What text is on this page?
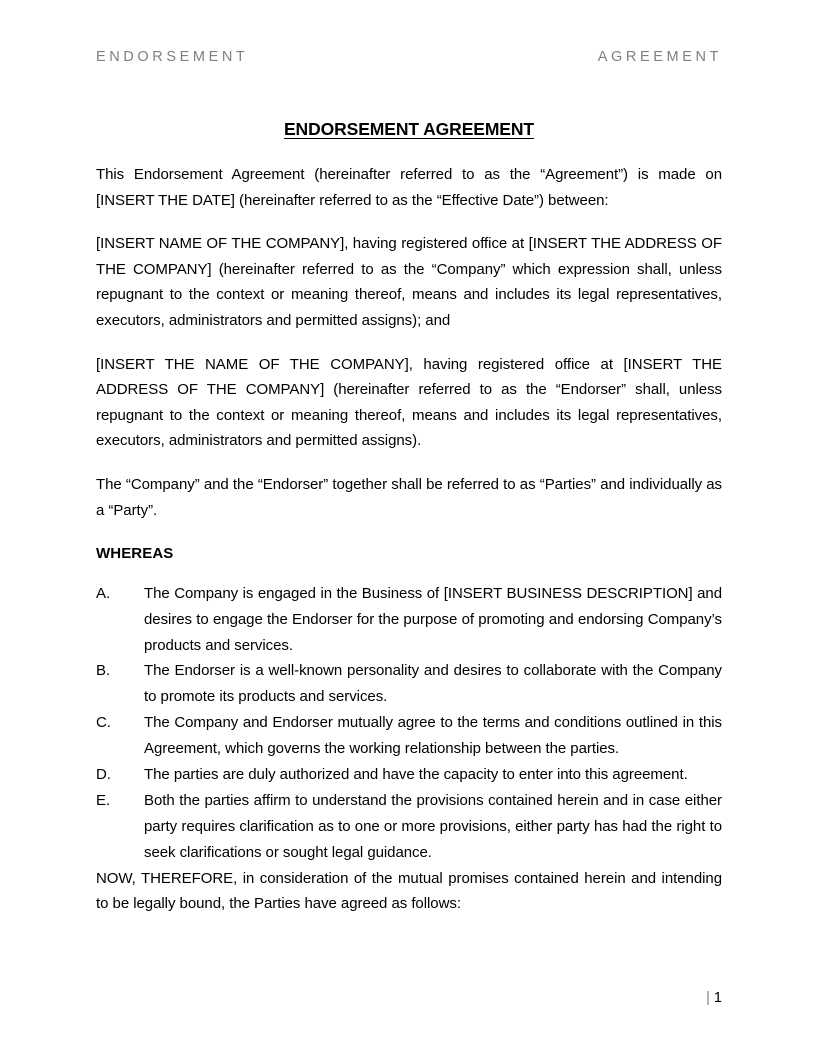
ENDORSEMENT AGREEMENT
ENDORSEMENT AGREEMENT

This Endorsement Agreement (hereinafter referred to as the “Agreement”) is made on [INSERT THE DATE] (hereinafter referred to as the “Effective Date”) between:

[INSERT NAME OF THE COMPANY], having registered office at [INSERT THE ADDRESS OF THE COMPANY] (hereinafter referred to as the “Company” which expression shall, unless repugnant to the context or meaning thereof, means and includes its legal representatives, executors, administrators and permitted assigns); and

[INSERT THE NAME OF THE COMPANY], having registered office at [INSERT THE ADDRESS OF THE COMPANY] (hereinafter referred to as the “Endorser” shall, unless repugnant to the context or meaning thereof, means and includes its legal representatives, executors, administrators and permitted assigns).

The “Company” and the “Endorser” together shall be referred to as “Parties” and individually as a “Party”.

WHEREAS
A.	The Company is engaged in the Business of [INSERT BUSINESS DESCRIPTION] and desires to engage the Endorser for the purpose of promoting and endorsing Company’s products and services.
B.	The Endorser is a well-known personality and desires to collaborate with the Company to promote its products and services.
C.	The Company and Endorser mutually agree to the terms and conditions outlined in this Agreement, which governs the working relationship between the parties.
D.	The parties are duly authorized and have the capacity to enter into this agreement.
E.	Both the parties affirm to understand the provisions contained herein and in case either party requires clarification as to one or more provisions, either party has had the right to seek clarifications or sought legal guidance.

NOW, THEREFORE, in consideration of the mutual promises contained herein and intending to be legally bound, the Parties have agreed as follows:

| 1
